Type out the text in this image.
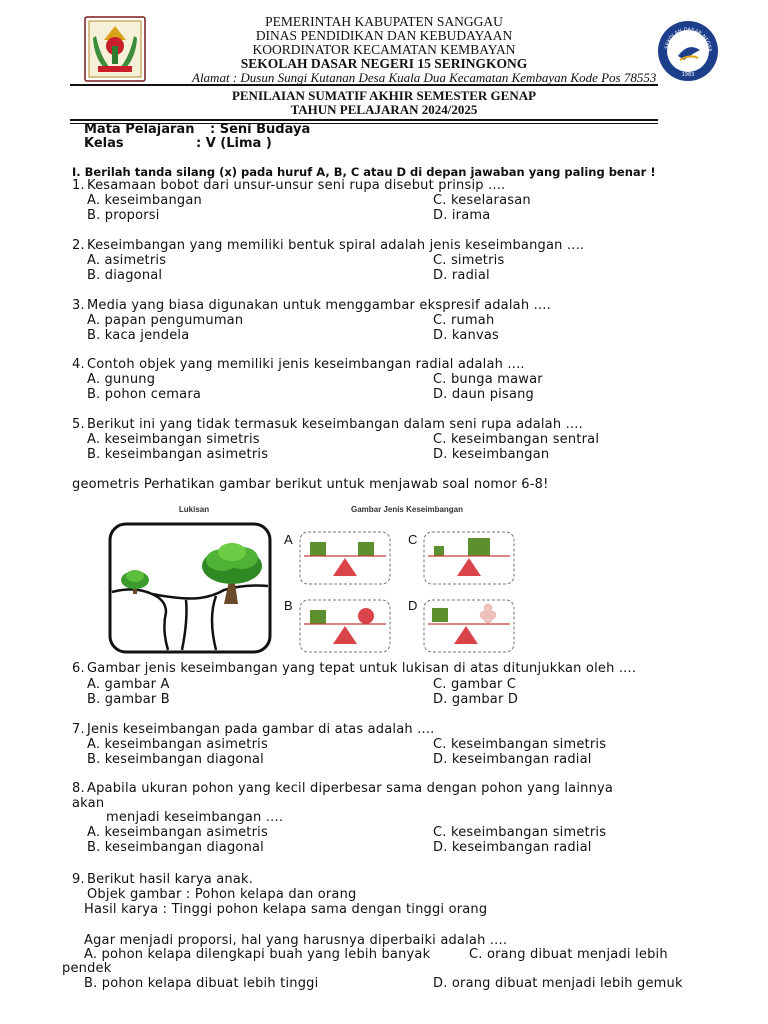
PEMERINTAH KABUPATEN SANGGAU
DINAS PENDIDIKAN DAN KEBUDAYAAN
KOORDINATOR KECAMATAN KEMBAYAN
SEKOLAH DASAR NEGERI 15 SERINGKONG
Alamat : Dusun Sungi Kutanan Desa Kuala Dua Kecamatan Kembayan Kode Pos 78553
SEKOLAH DASAR NEGER
1983
PENILAIAN SUMATIF AKHIR SEMESTER GENAP
TAHUN PELAJARAN 2024/2025
Mata Pelajaran : Seni Budaya
Kelas	: V (Lima )
I. Berilah tanda silang (x) pada huruf A, B, C atau D di depan jawaban yang paling benar !
1. Kesamaan bobot dari unsur-unsur seni rupa disebut prinsip ....
A. keseimbangan	C. keselarasan
B. proporsi	D. irama
2. Keseimbangan yang memiliki bentuk spiral adalah jenis keseimbangan ....
A. asimetris	C. simetris
B. diagonal	D. radial
3. Media yang biasa digunakan untuk menggambar ekspresif adalah ....
A. papan pengumuman	C. rumah
B. kaca jendela	D. kanvas
4. Contoh objek yang memiliki jenis keseimbangan radial adalah ....
A. gunung	C. bunga mawar
B. pohon cemara	D. daun pisang
5. Berikut ini yang tidak termasuk keseimbangan dalam seni rupa adalah ....
A. keseimbangan simetris	C. keseimbangan sentral
B. keseimbangan asimetris	D. keseimbangan
geometris Perhatikan gambar berikut untuk menjawab soal nomor 6-8!
Lukisan	Gambar Jenis Keseimbangan
A	C
B	D
6. Gambar jenis keseimbangan yang tepat untuk lukisan di atas ditunjukkan oleh ....
A. gambar A	C. gambar C
B. gambar B	D. gambar D
7. Jenis keseimbangan pada gambar di atas adalah ....
A. keseimbangan asimetris	C. keseimbangan simetris
B. keseimbangan diagonal	D. keseimbangan radial
8. Apabila ukuran pohon yang kecil diperbesar sama dengan pohon yang lainnya
akan
menjadi keseimbangan ....
A. keseimbangan asimetris	C. keseimbangan simetris
B. keseimbangan diagonal	D. keseimbangan radial
9. Berikut hasil karya anak.
Objek gambar : Pohon kelapa dan orang
Hasil karya : Tinggi pohon kelapa sama dengan tinggi orang
Agar menjadi proporsi, hal yang harusnya diperbaiki adalah ....
A. pohon kelapa dilengkapi buah yang lebih banyak	C. orang dibuat menjadi lebih
pendek
B. pohon kelapa dibuat lebih tinggi	D. orang dibuat menjadi lebih gemuk
